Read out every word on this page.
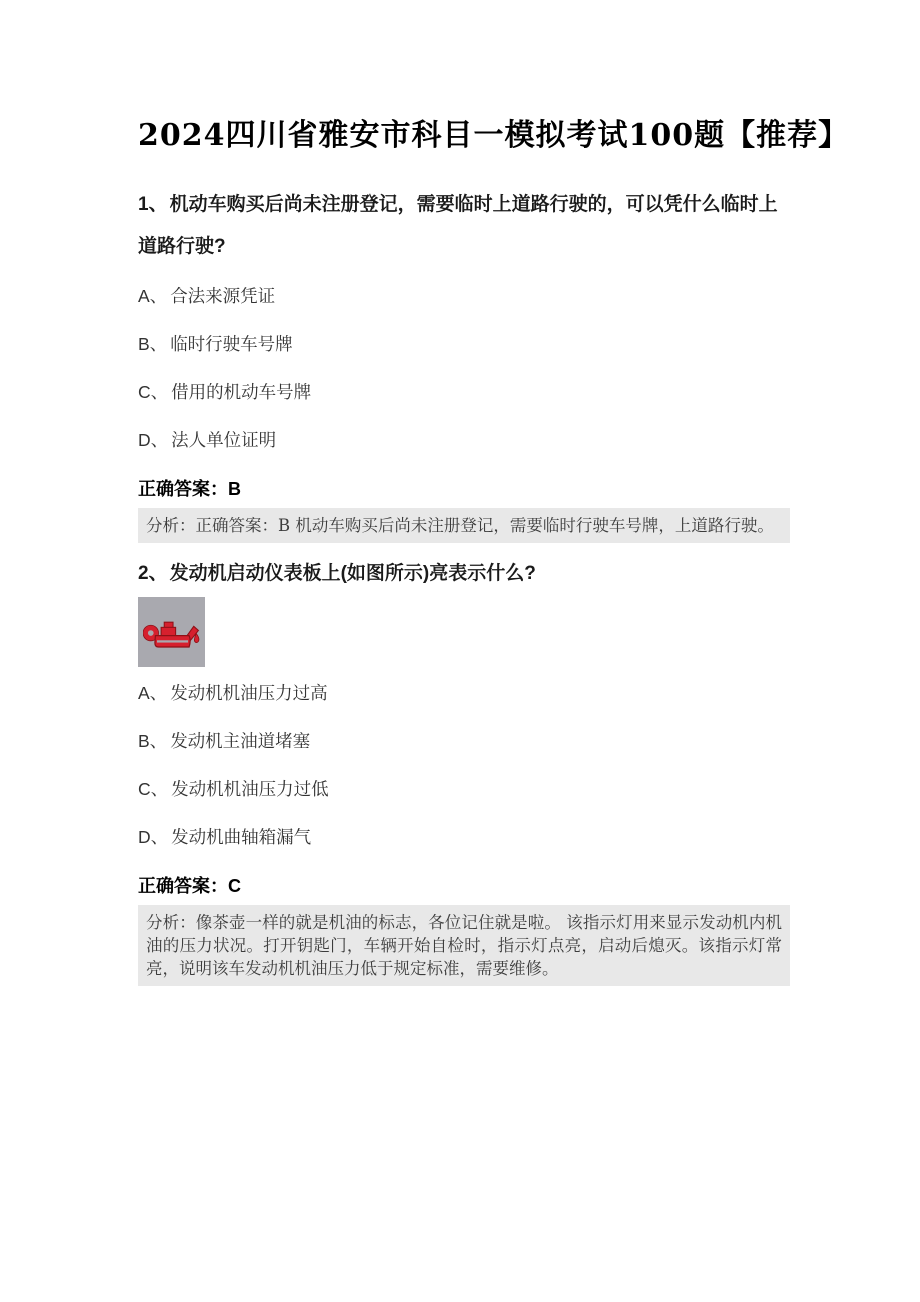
2024四川省雅安市科目一模拟考试100题【推荐】

1、 机动车购买后尚未注册登记，需要临时上道路行驶的，可以凭什么临时上道路行驶?

A、 合法来源凭证

B、 临时行驶车号牌

C、 借用的机动车号牌

D、 法人单位证明

正确答案：B

分析：正确答案：B 机动车购买后尚未注册登记，需要临时行驶车号牌，上道路行驶。

2、 发动机启动仪表板上(如图所示)亮表示什么?

A、 发动机机油压力过高

B、 发动机主油道堵塞

C、 发动机机油压力过低

D、 发动机曲轴箱漏气

正确答案：C

分析：像茶壶一样的就是机油的标志，各位记住就是啦。 该指示灯用来显示发动机内机油的压力状况。打开钥匙门，车辆开始自检时，指示灯点亮，启动后熄灭。该指示灯常亮，说明该车发动机机油压力低于规定标准，需要维修。
